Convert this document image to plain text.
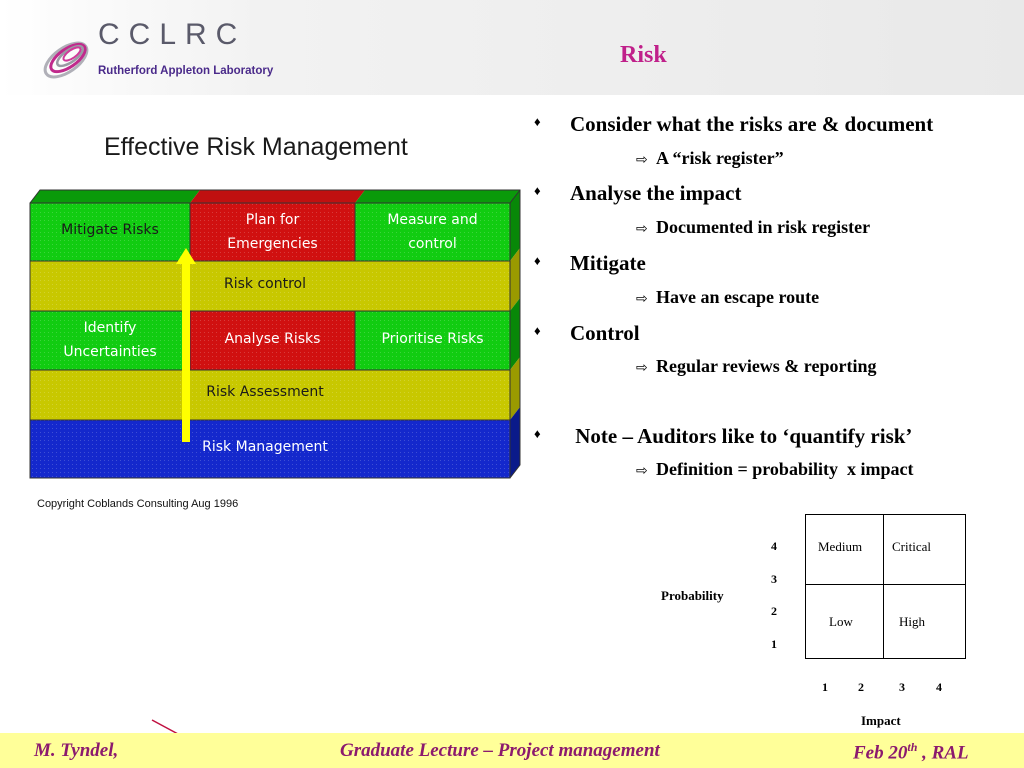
CCLRC
Rutherford Appleton Laboratory
Risk
Effective Risk Management
Mitigate Risks
Plan for
Emergencies
Measure and
control
Risk control
Identify
Uncertainties
Analyse Risks	Prioritise Risks
Risk Assessment
Risk Management
Copyright Coblands Consulting Aug 1996
♦ Consider what the risks are & document
⇨ A “risk register”
♦ Analyse the impact
⇨ Documented in risk register
♦ Mitigate
⇨ Have an escape route
♦ Control
⇨ Regular reviews & reporting
♦ Note – Auditors like to ‘quantify risk’
⇨ Definition = probability  x impact
Probability
Impact
4
3
2
1
1	2	3	4
Medium Critical
Low	High
M. Tyndel,	Graduate Lecture – Project management	Feb 20th , RAL
